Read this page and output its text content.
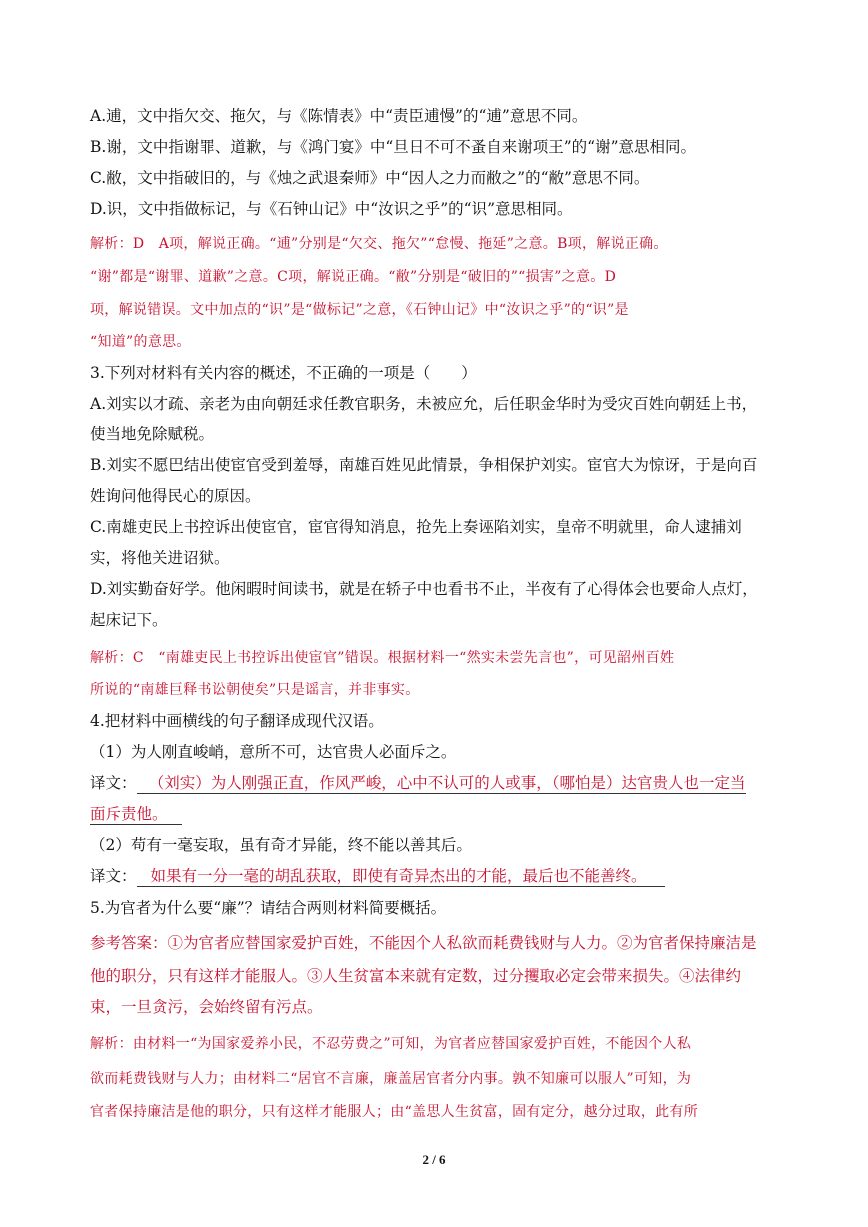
A.逋，文中指欠交、拖欠，与《陈情表》中“责臣逋慢”的“逋”意思不同。
B.谢，文中指谢罪、道歉，与《鸿门宴》中“旦日不可不蚤自来谢项王”的“谢”意思相同。
C.敝，文中指破旧的，与《烛之武退秦师》中“因人之力而敝之”的“敝”意思不同。
D.识，文中指做标记，与《石钟山记》中“汝识之乎”的“识”意思相同。
解析：D　A项，解说正确。“逋”分别是“欠交、拖欠”“怠慢、拖延”之意。B项，解说正确。
“谢”都是“谢罪、道歉”之意。C项，解说正确。“敝”分别是“破旧的”“损害”之意。D
项，解说错误。文中加点的“识”是“做标记”之意，《石钟山记》中“汝识之乎”的“识”是
“知道”的意思。
3.下列对材料有关内容的概述，不正确的一项是（　　）
A.刘实以才疏、亲老为由向朝廷求任教官职务，未被应允，后任职金华时为受灾百姓向朝廷上书，
使当地免除赋税。
B.刘实不愿巴结出使宦官受到羞辱，南雄百姓见此情景，争相保护刘实。宦官大为惊讶，于是向百
姓询问他得民心的原因。
C.南雄吏民上书控诉出使宦官，宦官得知消息，抢先上奏诬陷刘实，皇帝不明就里，命人逮捕刘
实，将他关进诏狱。
D.刘实勤奋好学。他闲暇时间读书，就是在轿子中也看书不止，半夜有了心得体会也要命人点灯，
起床记下。
解析：C　“南雄吏民上书控诉出使宦官”错误。根据材料一“然实未尝先言也”，可见韶州百姓
所说的“南雄巨释书讼朝使矣”只是谣言，并非事实。
4.把材料中画横线的句子翻译成现代汉语。
（1）为人刚直峻峭，意所不可，达官贵人必面斥之。
译文： （刘实）为人刚强正直，作风严峻，心中不认可的人或事，（哪怕是）达官贵人也一定当
面斥责他。
（2）苟有一毫妄取，虽有奇才异能，终不能以善其后。
译文： 如果有一分一毫的胡乱获取，即使有奇异杰出的才能，最后也不能善终。
5.为官者为什么要“廉”？请结合两则材料简要概括。
参考答案：①为官者应替国家爱护百姓，不能因个人私欲而耗费钱财与人力。②为官者保持廉洁是
他的职分，只有这样才能服人。③人生贫富本来就有定数，过分攫取必定会带来损失。④法律约
束，一旦贪污，会始终留有污点。
解析：由材料一“为国家爱养小民，不忍劳费之”可知，为官者应替国家爱护百姓，不能因个人私
欲而耗费钱财与人力；由材料二“居官不言廉，廉盖居官者分内事。孰不知廉可以服人”可知，为
官者保持廉洁是他的职分，只有这样才能服人；由“盖思人生贫富，固有定分，越分过取，此有所
2 / 6
